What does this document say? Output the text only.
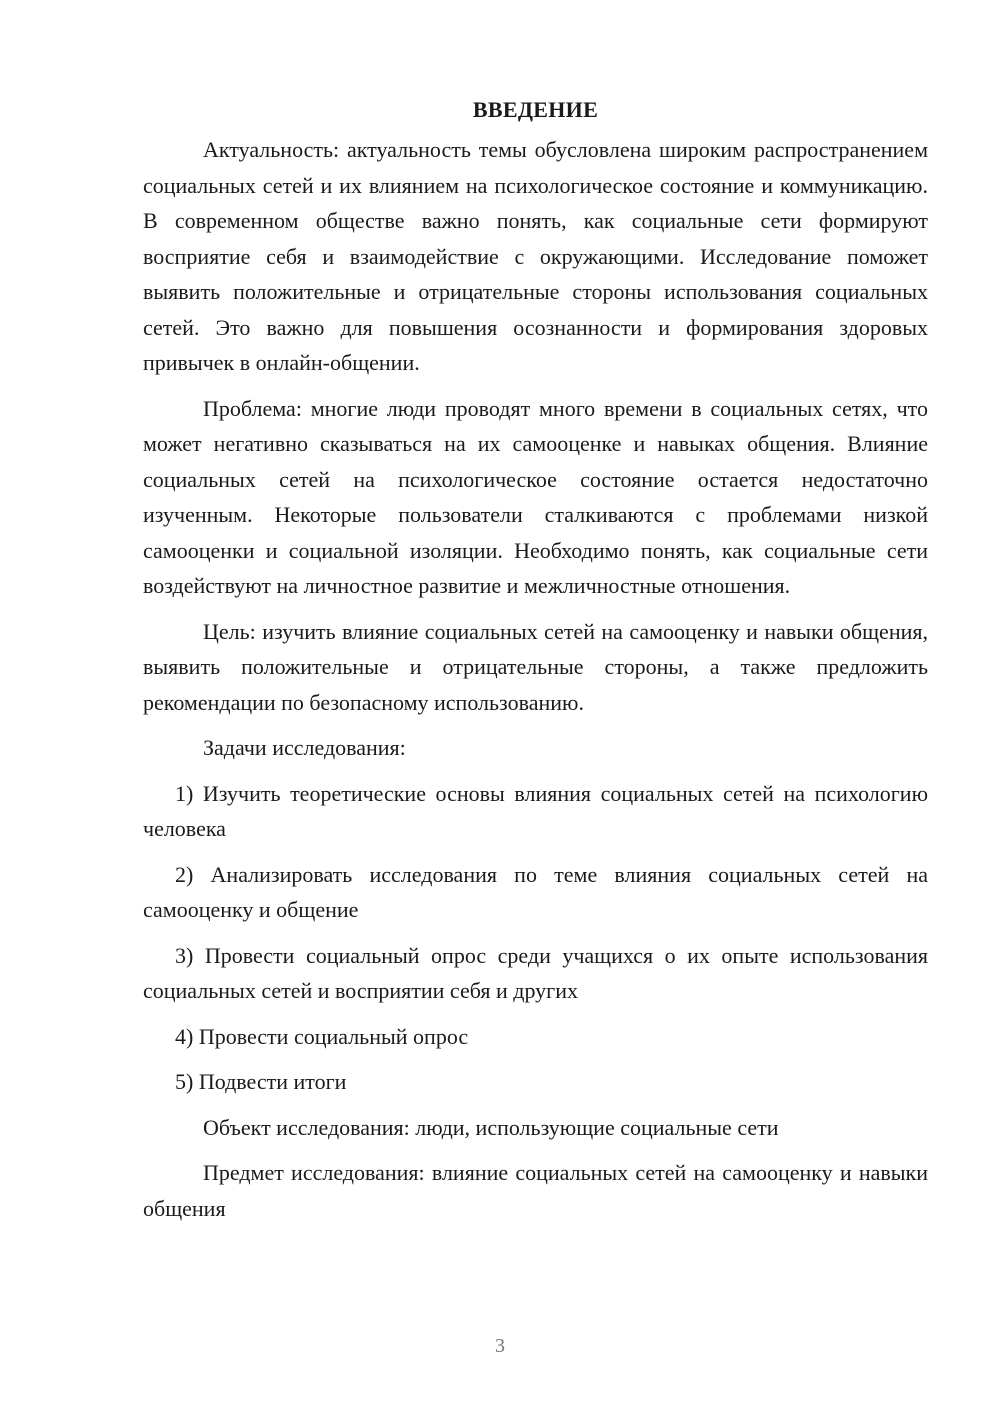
ВВЕДЕНИЕ

Актуальность: актуальность темы обусловлена широким распространением социальных сетей и их влиянием на психологическое состояние и коммуникацию. В современном обществе важно понять, как социальные сети формируют восприятие себя и взаимодействие с окружающими. Исследование поможет выявить положительные и отрицательные стороны использования социальных сетей. Это важно для повышения осознанности и формирования здоровых привычек в онлайн-общении.

Проблема: многие люди проводят много времени в социальных сетях, что может негативно сказываться на их самооценке и навыках общения. Влияние социальных сетей на психологическое состояние остается недостаточно изученным. Некоторые пользователи сталкиваются с проблемами низкой самооценки и социальной изоляции. Необходимо понять, как социальные сети воздействуют на личностное развитие и межличностные отношения.

Цель: изучить влияние социальных сетей на самооценку и навыки общения, выявить положительные и отрицательные стороны, а также предложить рекомендации по безопасному использованию.

Задачи исследования:

1) Изучить теоретические основы влияния социальных сетей на психологию человека

2) Анализировать исследования по теме влияния социальных сетей на самооценку и общение

3) Провести социальный опрос среди учащихся о их опыте использования социальных сетей и восприятии себя и других

4) Провести социальный опрос

5) Подвести итоги

Объект исследования: люди, использующие социальные сети

Предмет исследования: влияние социальных сетей на самооценку и навыки общения

3
